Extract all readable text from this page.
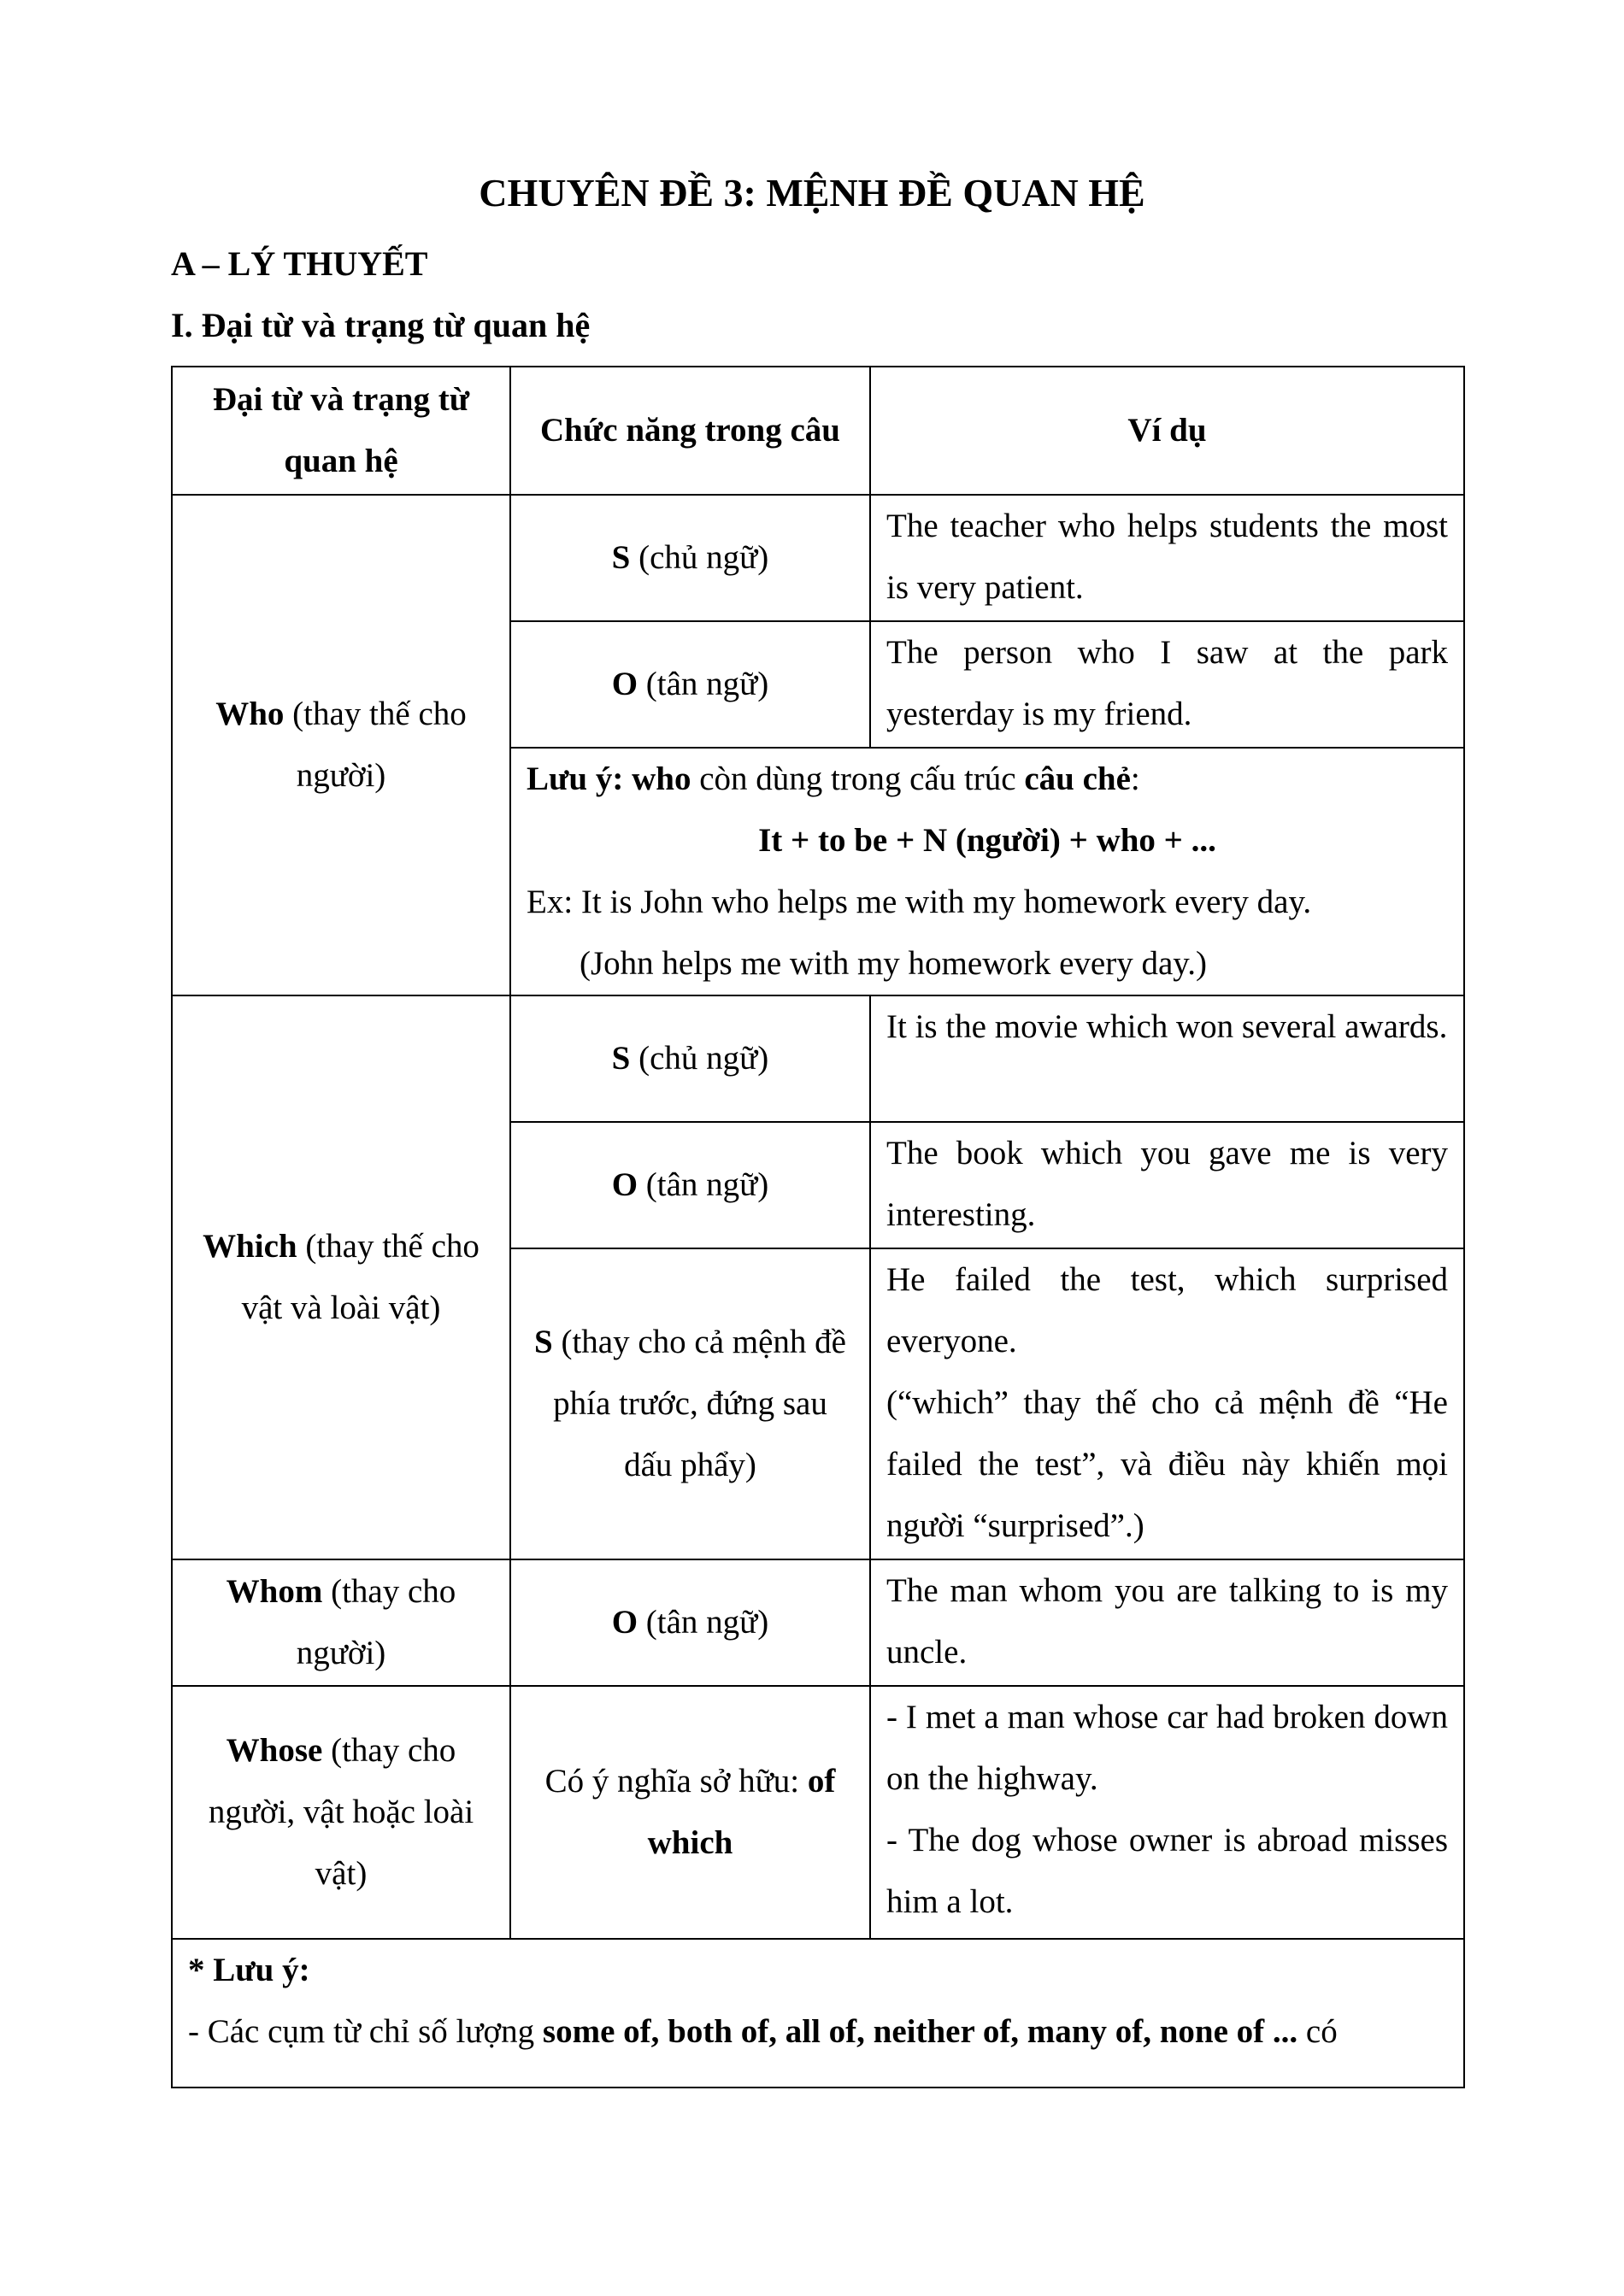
CHUYÊN ĐỀ 3: MỆNH ĐỀ QUAN HỆ
A – LÝ THUYẾT
I. Đại từ và trạng từ quan hệ
Đại từ và trạng từ quan hệ	Chức năng trong câu	Ví dụ
Who (thay thế cho người)	S (chủ ngữ)	The teacher who helps students the most is very patient.
	O (tân ngữ)	The person who I saw at the park yesterday is my friend.

	Lưu ý: who còn dùng trong cấu trúc câu chẻ:
It + to be + N (người) + who + ...
Ex: It is John who helps me with my homework every day.
(John helps me with my homework every day.)	

Which (thay thế cho vật và loài vật)	S (chủ ngữ)	It is the movie which won several awards.
	O (tân ngữ)	The book which you gave me is very interesting.
	S (thay cho cả mệnh đề phía trước, đứng sau dấu phẩy)	He failed the test, which surprised everyone.
(“which” thay thế cho cả mệnh đề “He failed the test”, và điều này khiến mọi người “surprised”.)

Whom (thay cho người)	O (tân ngữ)	The man whom you are talking to is my uncle.
Whose (thay cho người, vật hoặc loài vật)	Có ý nghĩa sở hữu: of which	- I met a man whose car had broken down on the highway.
- The dog whose owner is abroad misses him a lot.

* Lưu ý:
- Các cụm từ chỉ số lượng some of, both of, all of, neither of, many of, none of ... có		
